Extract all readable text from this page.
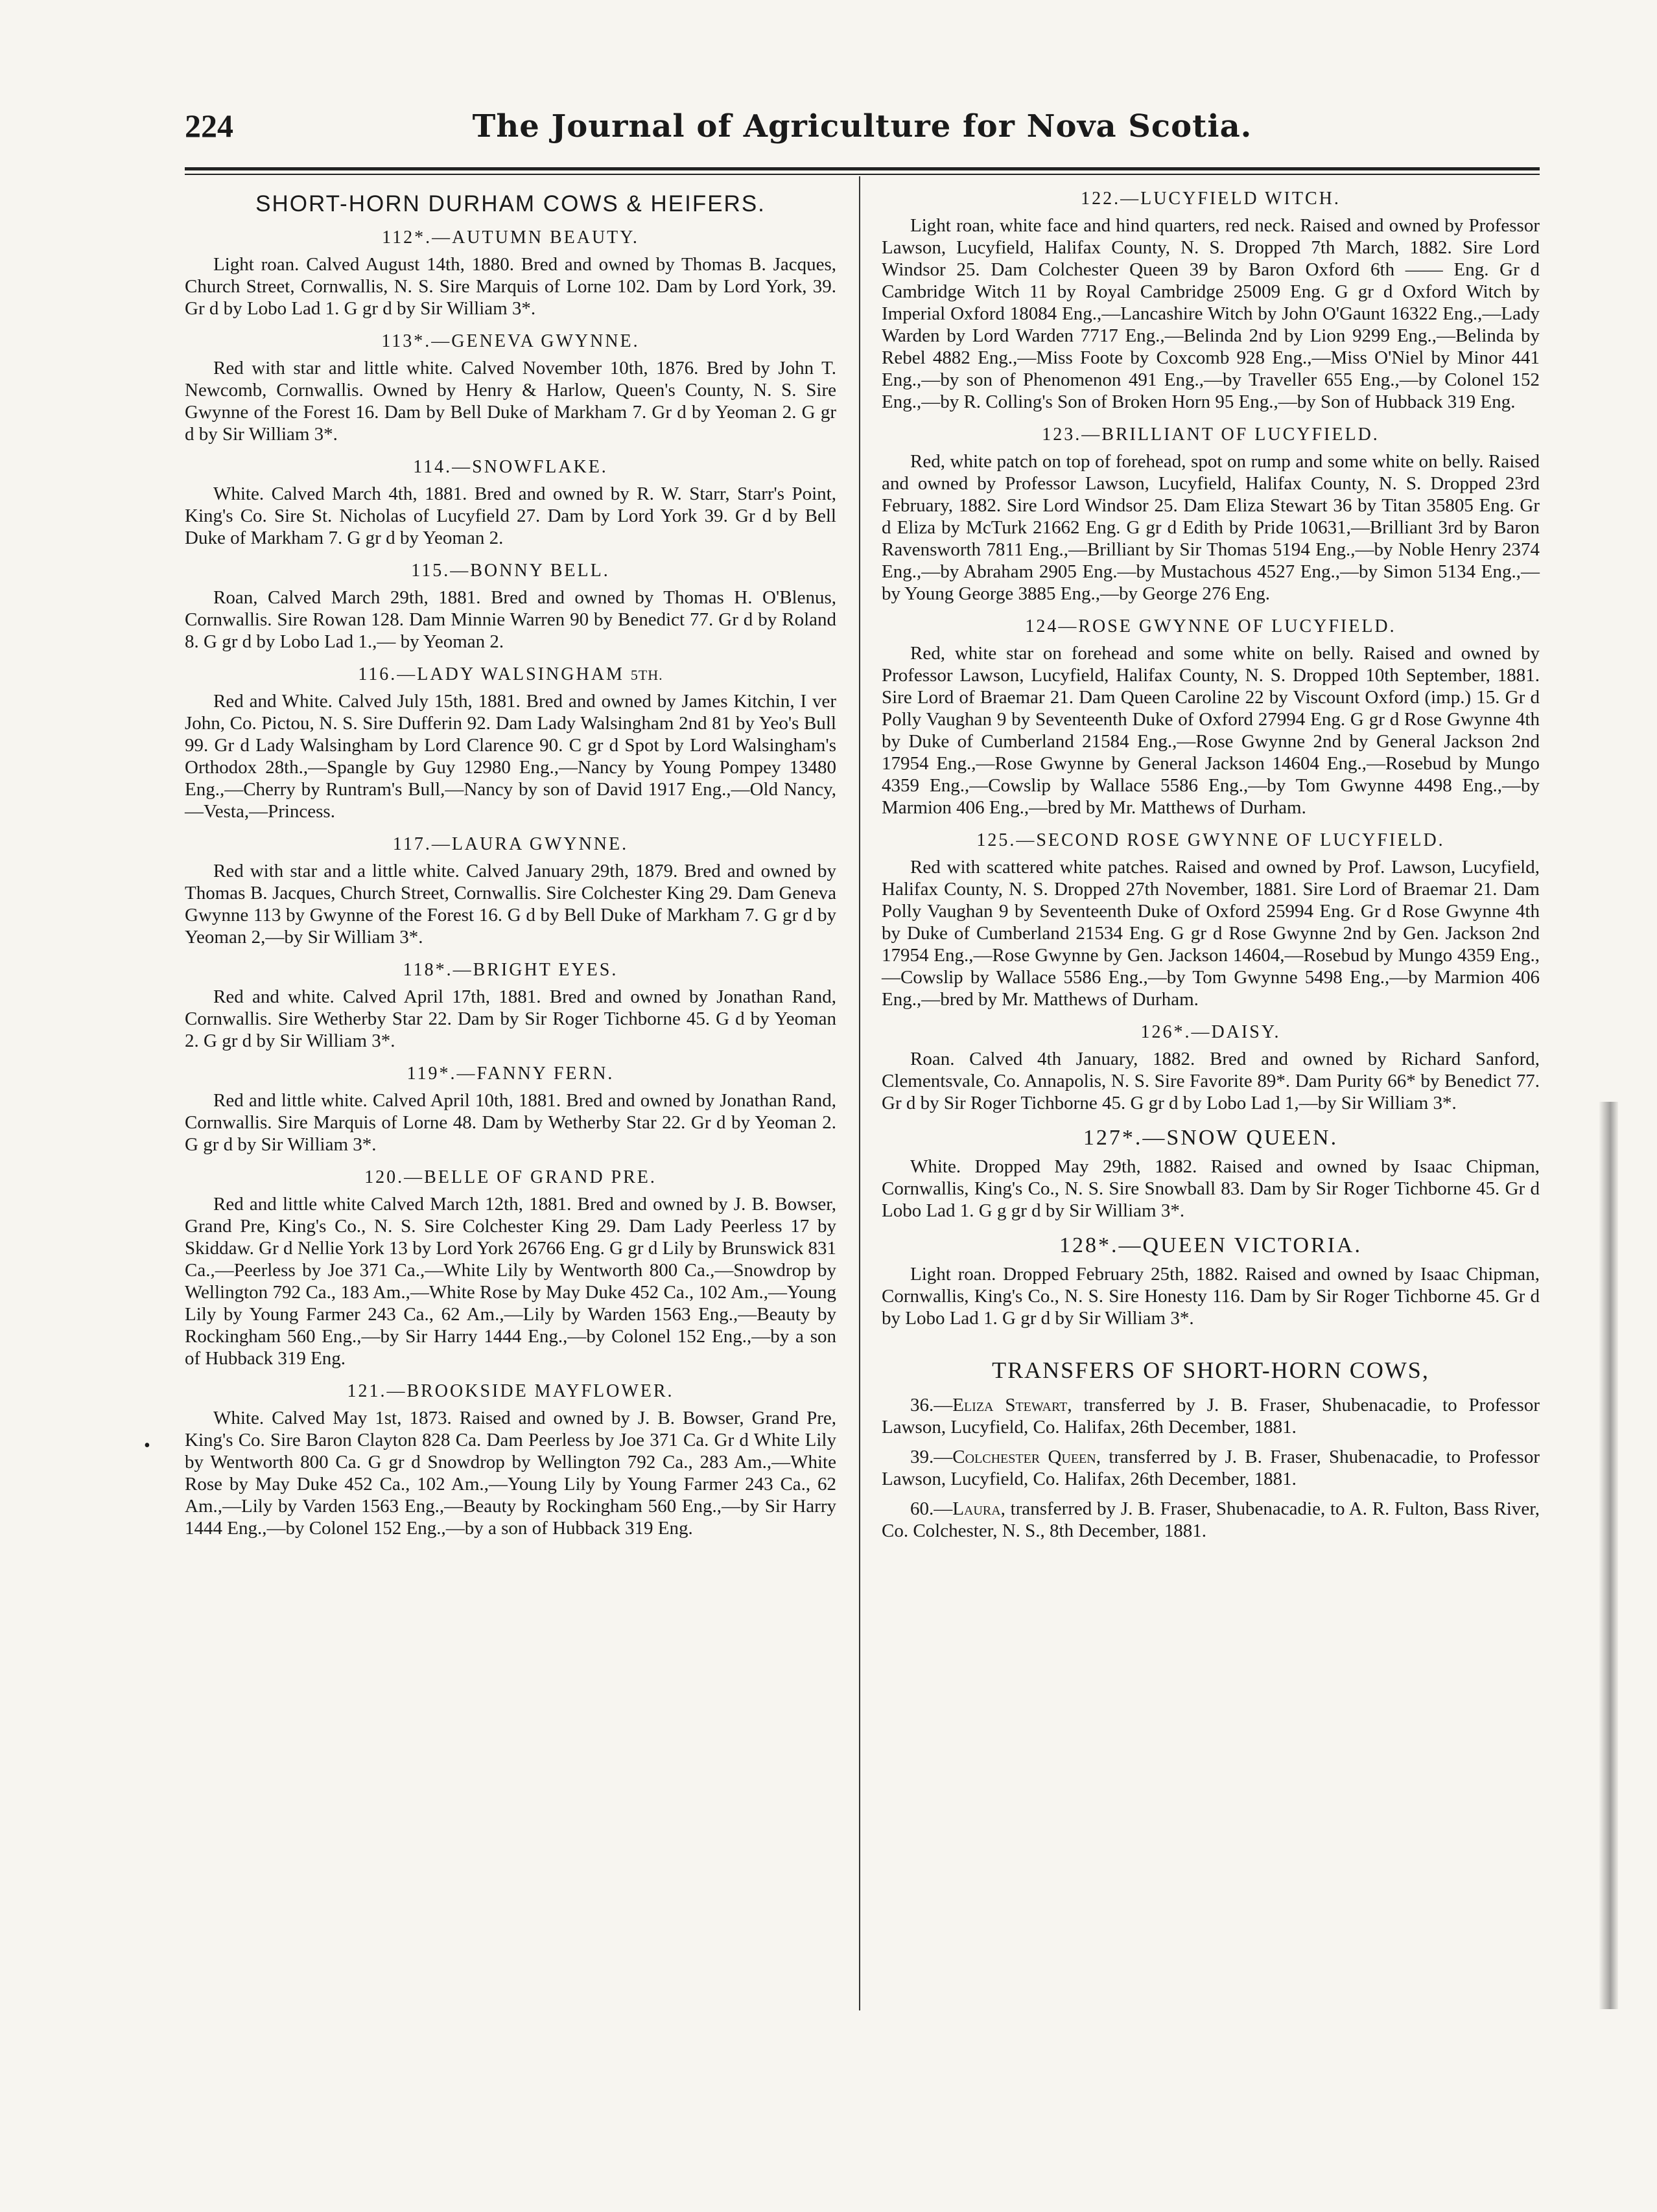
224	The Journal of Agriculture for Nova Scotia.
•
SHORT-HORN DURHAM COWS & HEIFERS.
112*.—AUTUMN BEAUTY.

Light roan. Calved August 14th, 1880. Bred and owned by Thomas B. Jacques, Church Street, Cornwallis, N. S. Sire Marquis of Lorne 102. Dam by Lord York, 39. Gr d by Lobo Lad 1. G gr d by Sir William 3*.

113*.—GENEVA GWYNNE.

Red with star and little white. Calved November 10th, 1876. Bred by John T. Newcomb, Cornwallis. Owned by Henry & Harlow, Queen's County, N. S. Sire Gwynne of the Forest 16. Dam by Bell Duke of Markham 7. Gr d by Yeoman 2. G gr d by Sir William 3*.

114.—SNOWFLAKE.

White. Calved March 4th, 1881. Bred and owned by R. W. Starr, Starr's Point, King's Co. Sire St. Nicholas of Lucyfield 27. Dam by Lord York 39. Gr d by Bell Duke of Markham 7. G gr d by Yeoman 2.

115.—BONNY BELL.

Roan, Calved March 29th, 1881. Bred and owned by Thomas H. O'Blenus, Cornwallis. Sire Rowan 128. Dam Minnie Warren 90 by Benedict 77. Gr d by Roland 8. G gr d by Lobo Lad 1.,— by Yeoman 2.

116.—LADY WALSINGHAM 5TH.

Red and White. Calved July 15th, 1881. Bred and owned by James Kitchin, I ver John, Co. Pictou, N. S. Sire Dufferin 92. Dam Lady Walsingham 2nd 81 by Yeo's Bull 99. Gr d Lady Walsingham by Lord Clarence 90. C gr d Spot by Lord Walsingham's Orthodox 28th.,—Spangle by Guy 12980 Eng.,—Nancy by Young Pompey 13480 Eng.,—Cherry by Runtram's Bull,—Nancy by son of David 1917 Eng.,—Old Nancy,—Vesta,—Princess.

117.—LAURA GWYNNE.

Red with star and a little white. Calved January 29th, 1879. Bred and owned by Thomas B. Jacques, Church Street, Cornwallis. Sire Colchester King 29. Dam Geneva Gwynne 113 by Gwynne of the Forest 16. G d by Bell Duke of Markham 7. G gr d by Yeoman 2,—by Sir William 3*.

118*.—BRIGHT EYES.

Red and white. Calved April 17th, 1881. Bred and owned by Jonathan Rand, Cornwallis. Sire Wetherby Star 22. Dam by Sir Roger Tichborne 45. G d by Yeoman 2. G gr d by Sir William 3*.

119*.—FANNY FERN.

Red and little white. Calved April 10th, 1881. Bred and owned by Jonathan Rand, Cornwallis. Sire Marquis of Lorne 48. Dam by Wetherby Star 22. Gr d by Yeoman 2. G gr d by Sir William 3*.

120.—BELLE OF GRAND PRE.

Red and little white Calved March 12th, 1881. Bred and owned by J. B. Bowser, Grand Pre, King's Co., N. S. Sire Colchester King 29. Dam Lady Peerless 17 by Skiddaw. Gr d Nellie York 13 by Lord York 26766 Eng. G gr d Lily by Brunswick 831 Ca.,—Peerless by Joe 371 Ca.,—White Lily by Wentworth 800 Ca.,—Snowdrop by Wellington 792 Ca., 183 Am.,—White Rose by May Duke 452 Ca., 102 Am.,—Young Lily by Young Farmer 243 Ca., 62 Am.,—Lily by Warden 1563 Eng.,—Beauty by Rockingham 560 Eng.,—by Sir Harry 1444 Eng.,—by Colonel 152 Eng.,—by a son of Hubback 319 Eng.

121.—BROOKSIDE MAYFLOWER.

White. Calved May 1st, 1873. Raised and owned by J. B. Bowser, Grand Pre, King's Co. Sire Baron Clayton 828 Ca. Dam Peerless by Joe 371 Ca. Gr d White Lily by Wentworth 800 Ca. G gr d Snowdrop by Wellington 792 Ca., 283 Am.,—White Rose by May Duke 452 Ca., 102 Am.,—Young Lily by Young Farmer 243 Ca., 62 Am.,—Lily by Varden 1563 Eng.,—Beauty by Rockingham 560 Eng.,—by Sir Harry 1444 Eng.,—by Colonel 152 Eng.,—by a son of Hubback 319 Eng.

122.—LUCYFIELD WITCH.

Light roan, white face and hind quarters, red neck. Raised and owned by Professor Lawson, Lucyfield, Halifax County, N. S. Dropped 7th March, 1882. Sire Lord Windsor 25. Dam Colchester Queen 39 by Baron Oxford 6th —— Eng. Gr d Cambridge Witch 11 by Royal Cambridge 25009 Eng. G gr d Oxford Witch by Imperial Oxford 18084 Eng.,—Lancashire Witch by John O'Gaunt 16322 Eng.,—Lady Warden by Lord Warden 7717 Eng.,—Belinda 2nd by Lion 9299 Eng.,—Belinda by Rebel 4882 Eng.,—Miss Foote by Coxcomb 928 Eng.,—Miss O'Niel by Minor 441 Eng.,—by son of Phenomenon 491 Eng.,—by Traveller 655 Eng.,—by Colonel 152 Eng.,—by R. Colling's Son of Broken Horn 95 Eng.,—by Son of Hubback 319 Eng.

123.—BRILLIANT OF LUCYFIELD.

Red, white patch on top of forehead, spot on rump and some white on belly. Raised and owned by Professor Lawson, Lucyfield, Halifax County, N. S. Dropped 23rd February, 1882. Sire Lord Windsor 25. Dam Eliza Stewart 36 by Titan 35805 Eng. Gr d Eliza by McTurk 21662 Eng. G gr d Edith by Pride 10631,—Brilliant 3rd by Baron Ravensworth 7811 Eng.,—Brilliant by Sir Thomas 5194 Eng.,—by Noble Henry 2374 Eng.,—by Abraham 2905 Eng.—by Mustachous 4527 Eng.,—by Simon 5134 Eng.,—by Young George 3885 Eng.,—by George 276 Eng.

124—ROSE GWYNNE OF LUCYFIELD.

Red, white star on forehead and some white on belly. Raised and owned by Professor Lawson, Lucyfield, Halifax County, N. S. Dropped 10th September, 1881. Sire Lord of Braemar 21. Dam Queen Caroline 22 by Viscount Oxford (imp.) 15. Gr d Polly Vaughan 9 by Seventeenth Duke of Oxford 27994 Eng. G gr d Rose Gwynne 4th by Duke of Cumberland 21584 Eng.,—Rose Gwynne 2nd by General Jackson 2nd 17954 Eng.,—Rose Gwynne by General Jackson 14604 Eng.,—Rosebud by Mungo 4359 Eng.,—Cowslip by Wallace 5586 Eng.,—by Tom Gwynne 4498 Eng.,—by Marmion 406 Eng.,—bred by Mr. Matthews of Durham.

125.—SECOND ROSE GWYNNE OF LUCYFIELD.

Red with scattered white patches. Raised and owned by Prof. Lawson, Lucyfield, Halifax County, N. S. Dropped 27th November, 1881. Sire Lord of Braemar 21. Dam Polly Vaughan 9 by Seventeenth Duke of Oxford 25994 Eng. Gr d Rose Gwynne 4th by Duke of Cumberland 21534 Eng. G gr d Rose Gwynne 2nd by Gen. Jackson 2nd 17954 Eng.,—Rose Gwynne by Gen. Jackson 14604,—Rosebud by Mungo 4359 Eng.,—Cowslip by Wallace 5586 Eng.,—by Tom Gwynne 5498 Eng.,—by Marmion 406 Eng.,—bred by Mr. Matthews of Durham.

126*.—DAISY.

Roan. Calved 4th January, 1882. Bred and owned by Richard Sanford, Clementsvale, Co. Annapolis, N. S. Sire Favorite 89*. Dam Purity 66* by Benedict 77. Gr d by Sir Roger Tichborne 45. G gr d by Lobo Lad 1,—by Sir William 3*.

127*.—SNOW QUEEN.

White. Dropped May 29th, 1882. Raised and owned by Isaac Chipman, Cornwallis, King's Co., N. S. Sire Snowball 83. Dam by Sir Roger Tichborne 45. Gr d Lobo Lad 1. G g gr d by Sir William 3*.

128*.—QUEEN VICTORIA.

Light roan. Dropped February 25th, 1882. Raised and owned by Isaac Chipman, Cornwallis, King's Co., N. S. Sire Honesty 116. Dam by Sir Roger Tichborne 45. Gr d by Lobo Lad 1. G gr d by Sir William 3*.

TRANSFERS OF SHORT-HORN COWS,

36.—Eliza Stewart, transferred by J. B. Fraser, Shubenacadie, to Professor Lawson, Lucyfield, Co. Halifax, 26th December, 1881.

39.—Colchester Queen, transferred by J. B. Fraser, Shubenacadie, to Professor Lawson, Lucyfield, Co. Halifax, 26th December, 1881.

60.—Laura, transferred by J. B. Fraser, Shubenacadie, to A. R. Fulton, Bass River, Co. Colchester, N. S., 8th December, 1881.
